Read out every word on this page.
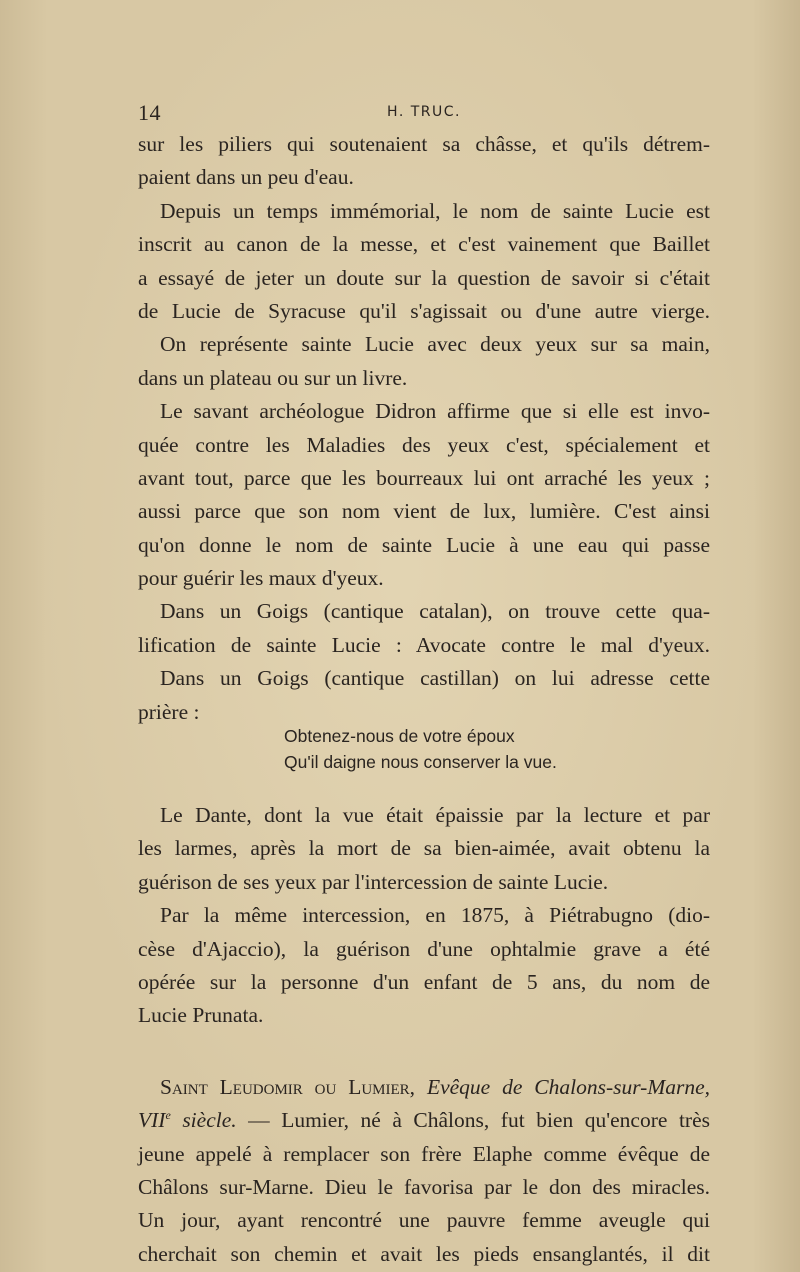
14	H. TRUC.
sur les piliers qui soutenaient sa châsse, et qu'ils détrem-
paient dans un peu d'eau.
Depuis un temps immémorial, le nom de sainte Lucie est
inscrit au canon de la messe, et c'est vainement que Baillet
a essayé de jeter un doute sur la question de savoir si c'était
de Lucie de Syracuse qu'il s'agissait ou d'une autre vierge.
On représente sainte Lucie avec deux yeux sur sa main,
dans un plateau ou sur un livre.
Le savant archéologue Didron affirme que si elle est invo-
quée contre les Maladies des yeux c'est, spécialement et
avant tout, parce que les bourreaux lui ont arraché les yeux ;
aussi parce que son nom vient de lux, lumière. C'est ainsi
qu'on donne le nom de sainte Lucie à une eau qui passe
pour guérir les maux d'yeux.
Dans un Goigs (cantique catalan), on trouve cette qua-
lification de sainte Lucie : Avocate contre le mal d'yeux.
Dans un Goigs (cantique castillan) on lui adresse cette
prière :
Obtenez-nous de votre époux
Qu'il daigne nous conserver la vue.
Le Dante, dont la vue était épaissie par la lecture et par
les larmes, après la mort de sa bien-aimée, avait obtenu la
guérison de ses yeux par l'intercession de sainte Lucie.
Par la même intercession, en 1875, à Piétrabugno (dio-
cèse d'Ajaccio), la guérison d'une ophtalmie grave a été
opérée sur la personne d'un enfant de 5 ans, du nom de
Lucie Prunata.
Saint Leudomir ou Lumier, Evêque de Chalons-sur-Marne,
VIIe siècle. — Lumier, né à Châlons, fut bien qu'encore très
jeune appelé à remplacer son frère Elaphe comme évêque de
Châlons sur-Marne. Dieu le favorisa par le don des miracles.
Un jour, ayant rencontré une pauvre femme aveugle qui
cherchait son chemin et avait les pieds ensanglantés, il dit
